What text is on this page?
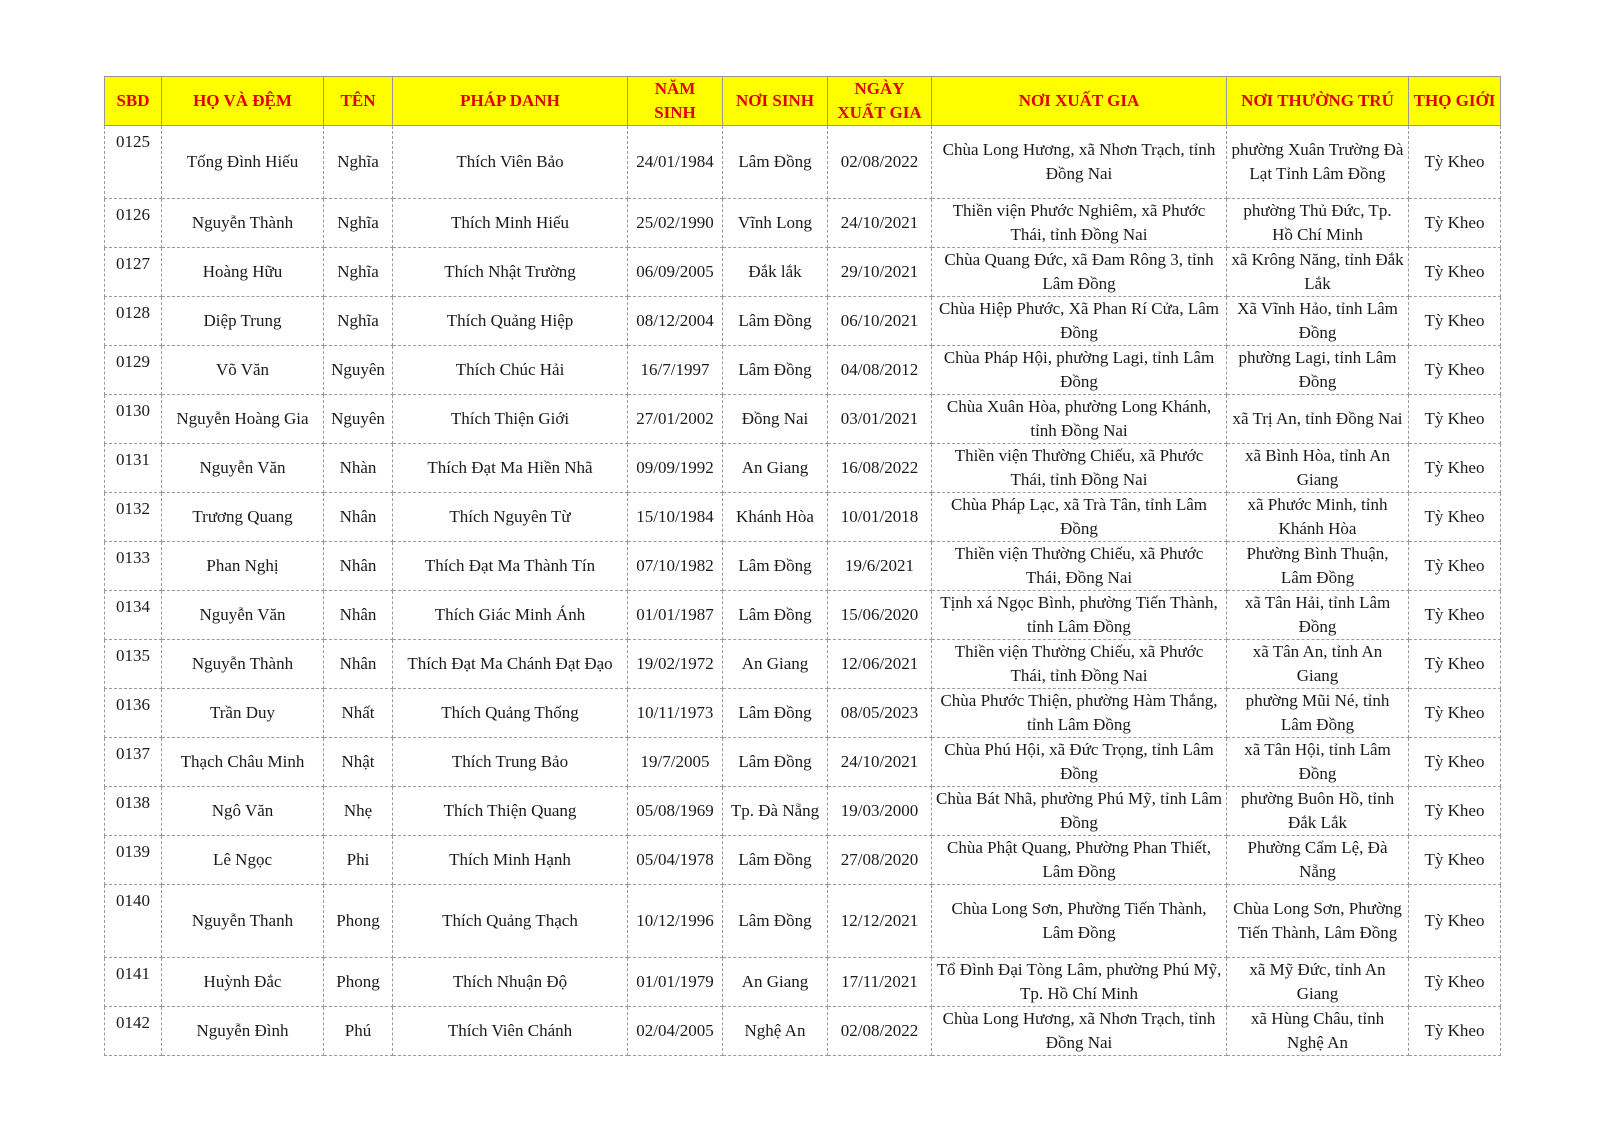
SBD	HỌ VÀ ĐỆM	TÊN	PHÁP DANH	NĂM SINH	NƠI SINH	NGÀY XUẤT GIA	NƠI XUẤT GIA	NƠI THƯỜNG TRÚ	THỌ GIỚI
0125	Tống Đình Hiếu	Nghĩa	Thích Viên Bảo	24/01/1984	Lâm Đồng	02/08/2022	Chùa Long Hương, xã Nhơn Trạch, tỉnh Đồng Nai	phường Xuân Trường Đà Lạt Tỉnh Lâm Đồng	Tỳ Kheo
0126	Nguyễn Thành	Nghĩa	Thích Minh Hiếu	25/02/1990	Vĩnh Long	24/10/2021	Thiền viện Phước Nghiêm, xã Phước Thái, tỉnh Đồng Nai	phường Thủ Đức, Tp. Hồ Chí Minh	Tỳ Kheo
0127	Hoàng Hữu	Nghĩa	Thích Nhật Trường	06/09/2005	Đắk lắk	29/10/2021	Chùa Quang Đức, xã Đam Rông 3, tỉnh Lâm Đồng	xã Krông Năng, tỉnh Đắk Lắk	Tỳ Kheo
0128	Diệp Trung	Nghĩa	Thích Quảng Hiệp	08/12/2004	Lâm Đồng	06/10/2021	Chùa Hiệp Phước, Xã Phan Rí Cửa, Lâm Đồng	Xã Vĩnh Hảo, tỉnh Lâm Đồng	Tỳ Kheo
0129	Võ Văn	Nguyên	Thích Chúc Hải	16/7/1997	Lâm Đồng	04/08/2012	Chùa Pháp Hội, phường Lagi, tỉnh Lâm Đồng	phường Lagi, tỉnh Lâm Đồng	Tỳ Kheo
0130	Nguyễn Hoàng Gia	Nguyên	Thích Thiện Giới	27/01/2002	Đồng Nai	03/01/2021	Chùa Xuân Hòa, phường Long Khánh, tỉnh Đồng Nai	xã Trị An, tỉnh Đồng Nai	Tỳ Kheo
0131	Nguyễn Văn	Nhàn	Thích Đạt Ma Hiền Nhã	09/09/1992	An Giang	16/08/2022	Thiền viện Thường Chiếu, xã Phước Thái, tỉnh Đồng Nai	xã Bình Hòa, tỉnh An Giang	Tỳ Kheo
0132	Trương Quang	Nhân	Thích Nguyên Từ	15/10/1984	Khánh Hòa	10/01/2018	Chùa Pháp Lạc, xã Trà Tân, tỉnh Lâm Đồng	xã Phước Minh, tỉnh Khánh Hòa	Tỳ Kheo
0133	Phan Nghị	Nhân	Thích Đạt Ma Thành Tín	07/10/1982	Lâm Đồng	19/6/2021	Thiền viện Thường Chiếu, xã Phước Thái, Đồng Nai	Phường Bình Thuận, Lâm Đồng	Tỳ Kheo
0134	Nguyễn Văn	Nhân	Thích Giác Minh Ánh	01/01/1987	Lâm Đồng	15/06/2020	Tịnh xá Ngọc Bình, phường Tiến Thành, tỉnh Lâm Đồng	xã Tân Hải, tỉnh Lâm Đồng	Tỳ Kheo
0135	Nguyễn Thành	Nhân	Thích Đạt Ma Chánh Đạt Đạo	19/02/1972	An Giang	12/06/2021	Thiền viện Thường Chiếu, xã Phước Thái, tỉnh Đồng Nai	xã Tân An, tỉnh An Giang	Tỳ Kheo
0136	Trần Duy	Nhất	Thích Quảng Thống	10/11/1973	Lâm Đồng	08/05/2023	Chùa Phước Thiện, phường Hàm Thắng, tỉnh Lâm Đồng	phường Mũi Né, tỉnh Lâm Đồng	Tỳ Kheo
0137	Thạch Châu Minh	Nhật	Thích Trung Bảo	19/7/2005	Lâm Đồng	24/10/2021	Chùa Phú Hội, xã Đức Trọng, tỉnh Lâm Đồng	xã Tân Hội, tỉnh Lâm Đồng	Tỳ Kheo
0138	Ngô Văn	Nhẹ	Thích Thiện Quang	05/08/1969	Tp. Đà Nẵng	19/03/2000	Chùa Bát Nhã, phường Phú Mỹ, tỉnh Lâm Đồng	phường Buôn Hồ, tỉnh Đắk Lắk	Tỳ Kheo
0139	Lê Ngọc	Phi	Thích Minh Hạnh	05/04/1978	Lâm Đồng	27/08/2020	Chùa Phật Quang, Phường Phan Thiết, Lâm Đồng	Phường Cẩm Lệ, Đà Nẵng	Tỳ Kheo
0140	Nguyễn Thanh	Phong	Thích Quảng Thạch	10/12/1996	Lâm Đồng	12/12/2021	Chùa Long Sơn, Phường Tiến Thành, Lâm Đồng	Chùa Long Sơn, Phường Tiến Thành, Lâm Đồng	Tỳ Kheo
0141	Huỳnh Đắc	Phong	Thích Nhuận Độ	01/01/1979	An Giang	17/11/2021	Tổ Đình Đại Tòng Lâm, phường Phú Mỹ, Tp. Hồ Chí Minh	xã Mỹ Đức, tỉnh An Giang	Tỳ Kheo
0142	Nguyễn Đình	Phú	Thích Viên Chánh	02/04/2005	Nghệ An	02/08/2022	Chùa Long Hương, xã Nhơn Trạch, tỉnh Đồng Nai	xã Hùng Châu, tỉnh Nghệ An	Tỳ Kheo
